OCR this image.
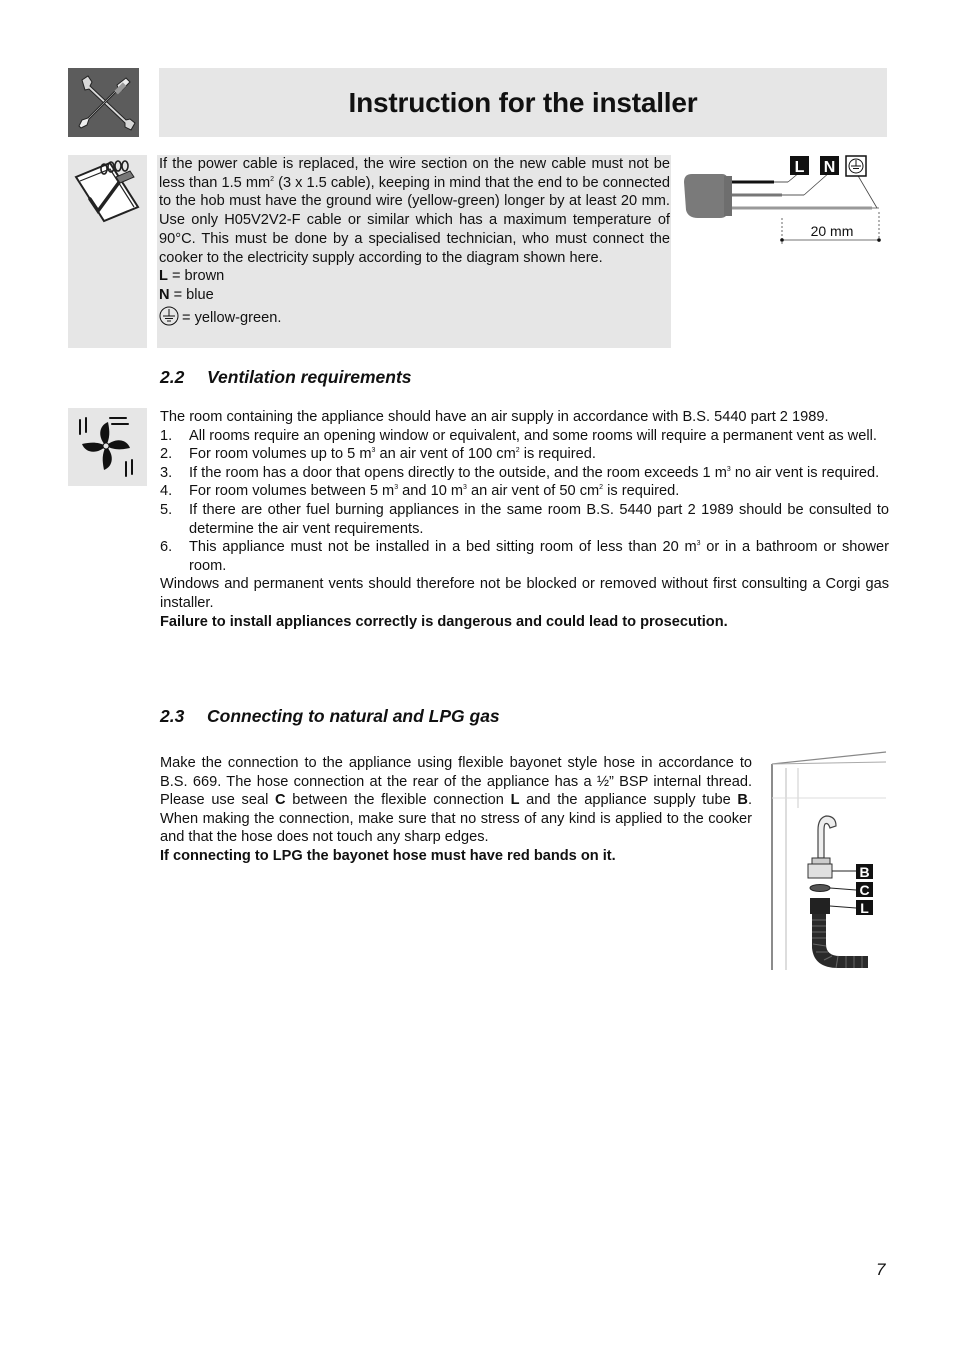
Instruction for the installer

If the power cable is replaced, the wire section on the new cable must not be less than 1.5 $mm^2$ (3 x 1.5 cable), keeping in mind that the end to be connected to the hob must have the ground wire (yellow-green) longer by at least 20 mm. Use only H05V2V2-F cable or similar which has a maximum temperature of 90°C. This must be done by a specialised technician, who must connect the cooker to the electricity supply according to the diagram shown here.

L = brown
N = blue
= yellow-green.
L N
20 mm
2.2 Ventilation requirements

The room containing the appliance should have an air supply in accordance with B.S. 5440 part 2 1989.

1.	All rooms require an opening window or equivalent, and some rooms will require a permanent vent as well.
2.	For room volumes up to 5 $m^3$ an air vent of 100 $cm^2$ is required.
3.	If the room has a door that opens directly to the outside, and the room exceeds 1 $m^3$ no air vent is required.
4.	For room volumes between 5 $m^3$ and 10 $m^3$ an air vent of 50 $cm^2$ is required.
5.	If there are other fuel burning appliances in the same room B.S. 5440 part 2 1989 should be consulted to determine the air vent requirements.
6.	This appliance must not be installed in a bed sitting room of less than 20 $m^3$ or in a bathroom or shower room.

Windows and permanent vents should therefore not be blocked or removed without first consulting a Corgi gas installer.

Failure to install appliances correctly is dangerous and could lead to prosecution.

2.3 Connecting to natural and LPG gas

Make the connection to the appliance using flexible bayonet style hose in accordance to B.S. 669. The hose connection at the rear of the appliance has a ½” BSP internal thread. Please use seal C between the flexible connection L and the appliance supply tube B. When making the connection, make sure that no stress of any kind is applied to the cooker and that the hose does not touch any sharp edges.

If connecting to LPG the bayonet hose must have red bands on it.

B
C
L
7
